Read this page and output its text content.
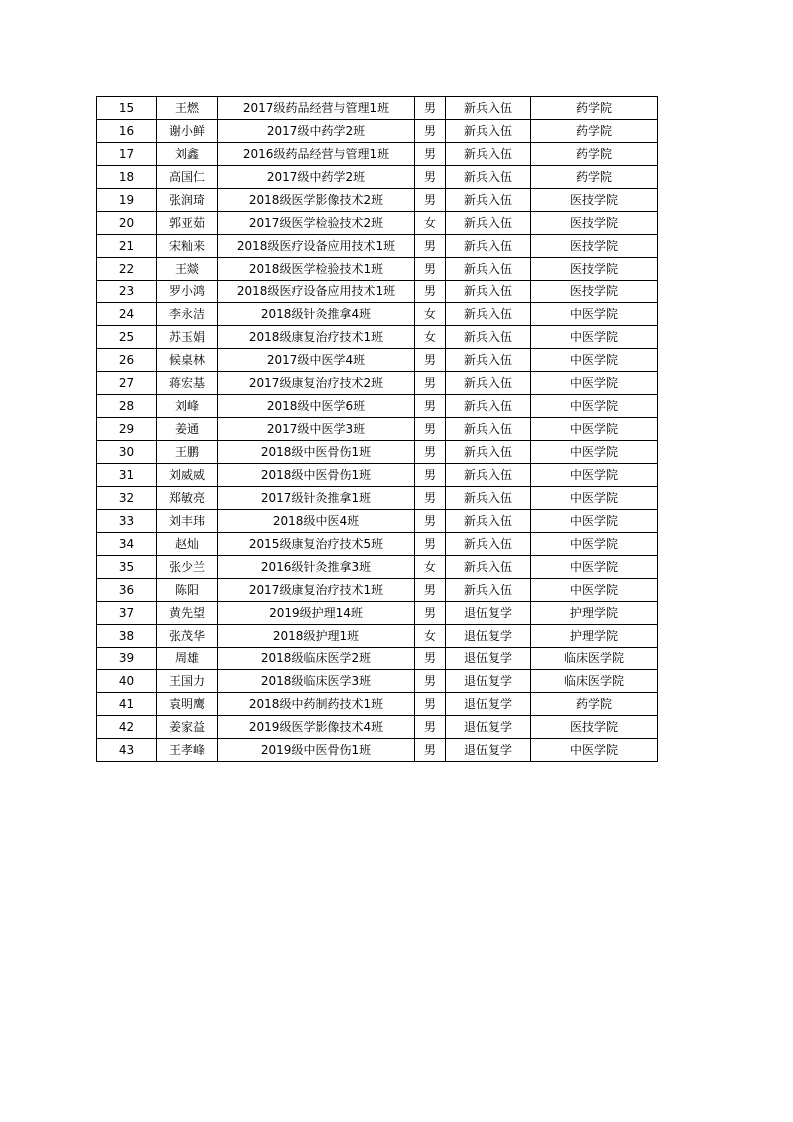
15	王燃	2017级药品经营与管理1班	男	新兵入伍	药学院
16	谢小鲜	2017级中药学2班	男	新兵入伍	药学院
17	刘鑫	2016级药品经营与管理1班	男	新兵入伍	药学院
18	高国仁	2017级中药学2班	男	新兵入伍	药学院
19	张润琦	2018级医学影像技术2班	男	新兵入伍	医技学院
20	郭亚茹	2017级医学检验技术2班	女	新兵入伍	医技学院
21	宋籼来	2018级医疗设备应用技术1班	男	新兵入伍	医技学院
22	王燚	2018级医学检验技术1班	男	新兵入伍	医技学院
23	罗小鸿	2018级医疗设备应用技术1班	男	新兵入伍	医技学院
24	李永洁	2018级针灸推拿4班	女	新兵入伍	中医学院
25	苏玉娟	2018级康复治疗技术1班	女	新兵入伍	中医学院
26	候桌林	2017级中医学4班	男	新兵入伍	中医学院
27	蒋宏基	2017级康复治疗技术2班	男	新兵入伍	中医学院
28	刘峰	2018级中医学6班	男	新兵入伍	中医学院
29	姜通	2017级中医学3班	男	新兵入伍	中医学院
30	王鹏	2018级中医骨伤1班	男	新兵入伍	中医学院
31	刘威威	2018级中医骨伤1班	男	新兵入伍	中医学院
32	郑敏亮	2017级针灸推拿1班	男	新兵入伍	中医学院
33	刘丰玮	2018级中医4班	男	新兵入伍	中医学院
34	赵灿	2015级康复治疗技术5班	男	新兵入伍	中医学院
35	张少兰	2016级针灸推拿3班	女	新兵入伍	中医学院
36	陈阳	2017级康复治疗技术1班	男	新兵入伍	中医学院
37	黄先望	2019级护理14班	男	退伍复学	护理学院
38	张茂华	2018级护理1班	女	退伍复学	护理学院
39	周雄	2018级临床医学2班	男	退伍复学	临床医学院
40	王国力	2018级临床医学3班	男	退伍复学	临床医学院
41	袁明鹰	2018级中药制药技术1班	男	退伍复学	药学院
42	姜家益	2019级医学影像技术4班	男	退伍复学	医技学院
43	王孝峰	2019级中医骨伤1班	男	退伍复学	中医学院
